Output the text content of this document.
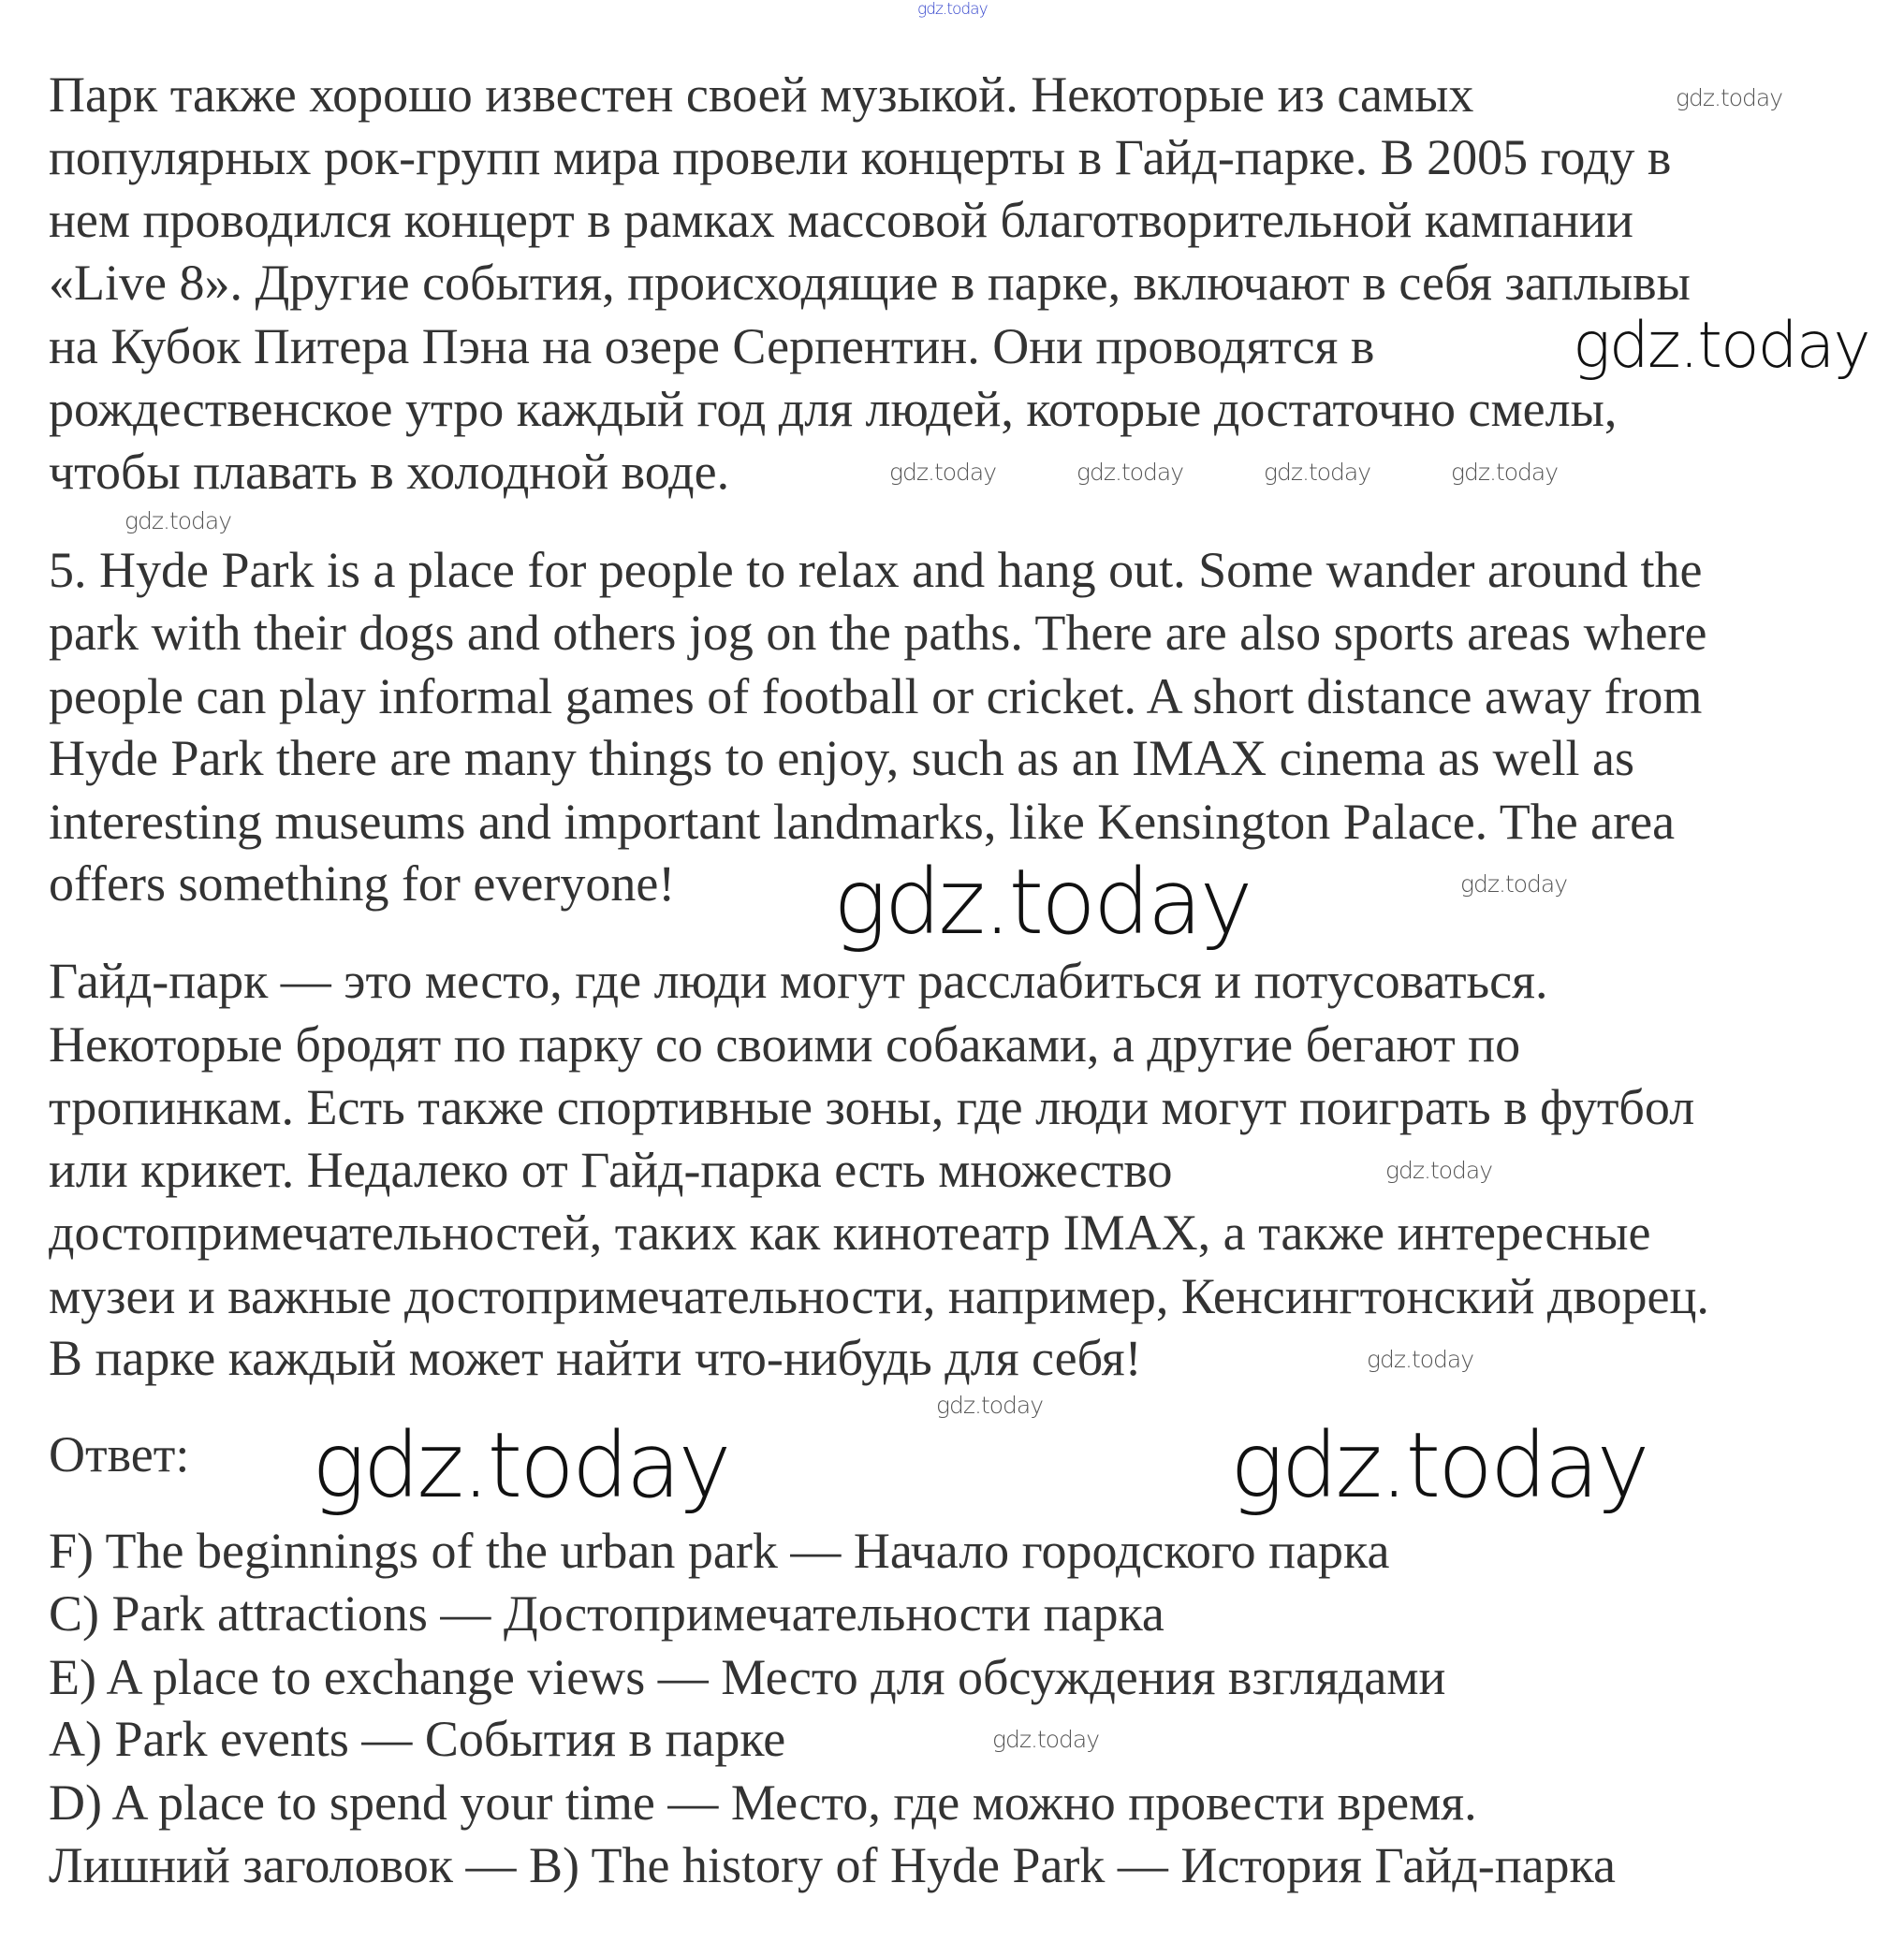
gdz.today
Парк также хорошо известен своей музыкой. Некоторые из самых
популярных рок-групп мира провели концерты в Гайд-парке. В 2005 году в
нем проводился концерт в рамках массовой благотворительной кампании
«Live 8». Другие события, происходящие в парке, включают в себя заплывы
на Кубок Питера Пэна на озере Серпентин. Они проводятся в
рождественское утро каждый год для людей, которые достаточно смелы,
чтобы плавать в холодной воде.
5. Hyde Park is a place for people to relax and hang out. Some wander around the
park with their dogs and others jog on the paths. There are also sports areas where
people can play informal games of football or cricket. A short distance away from
Hyde Park there are many things to enjoy, such as an IMAX cinema as well as
interesting museums and important landmarks, like Kensington Palace. The area
offers something for everyone!
Гайд-парк — это место, где люди могут расслабиться и потусоваться.
Некоторые бродят по парку со своими собаками, а другие бегают по
тропинкам. Есть также спортивные зоны, где люди могут поиграть в футбол
или крикет. Недалеко от Гайд-парка есть множество
достопримечательностей, таких как кинотеатр IMAX, а также интересные
музеи и важные достопримечательности, например, Кенсингтонский дворец.
В парке каждый может найти что-нибудь для себя!
Ответ:
F) The beginnings of the urban park — Начало городского парка
C) Park attractions — Достопримечательности парка
E) A place to exchange views — Место для обсуждения взглядами
A) Park events — События в парке
D) A place to spend your time — Место, где можно провести время.
Лишний заголовок — B) The history of Hyde Park — История Гайд-парка
gdz.today
gdz.today	gdz.today	gdz.today	gdz.today
gdz.today
gdz.today
gdz.today
gdz.today
gdz.today
gdz.today
gdz.today
gdz.today
gdz.today	gdz.today
